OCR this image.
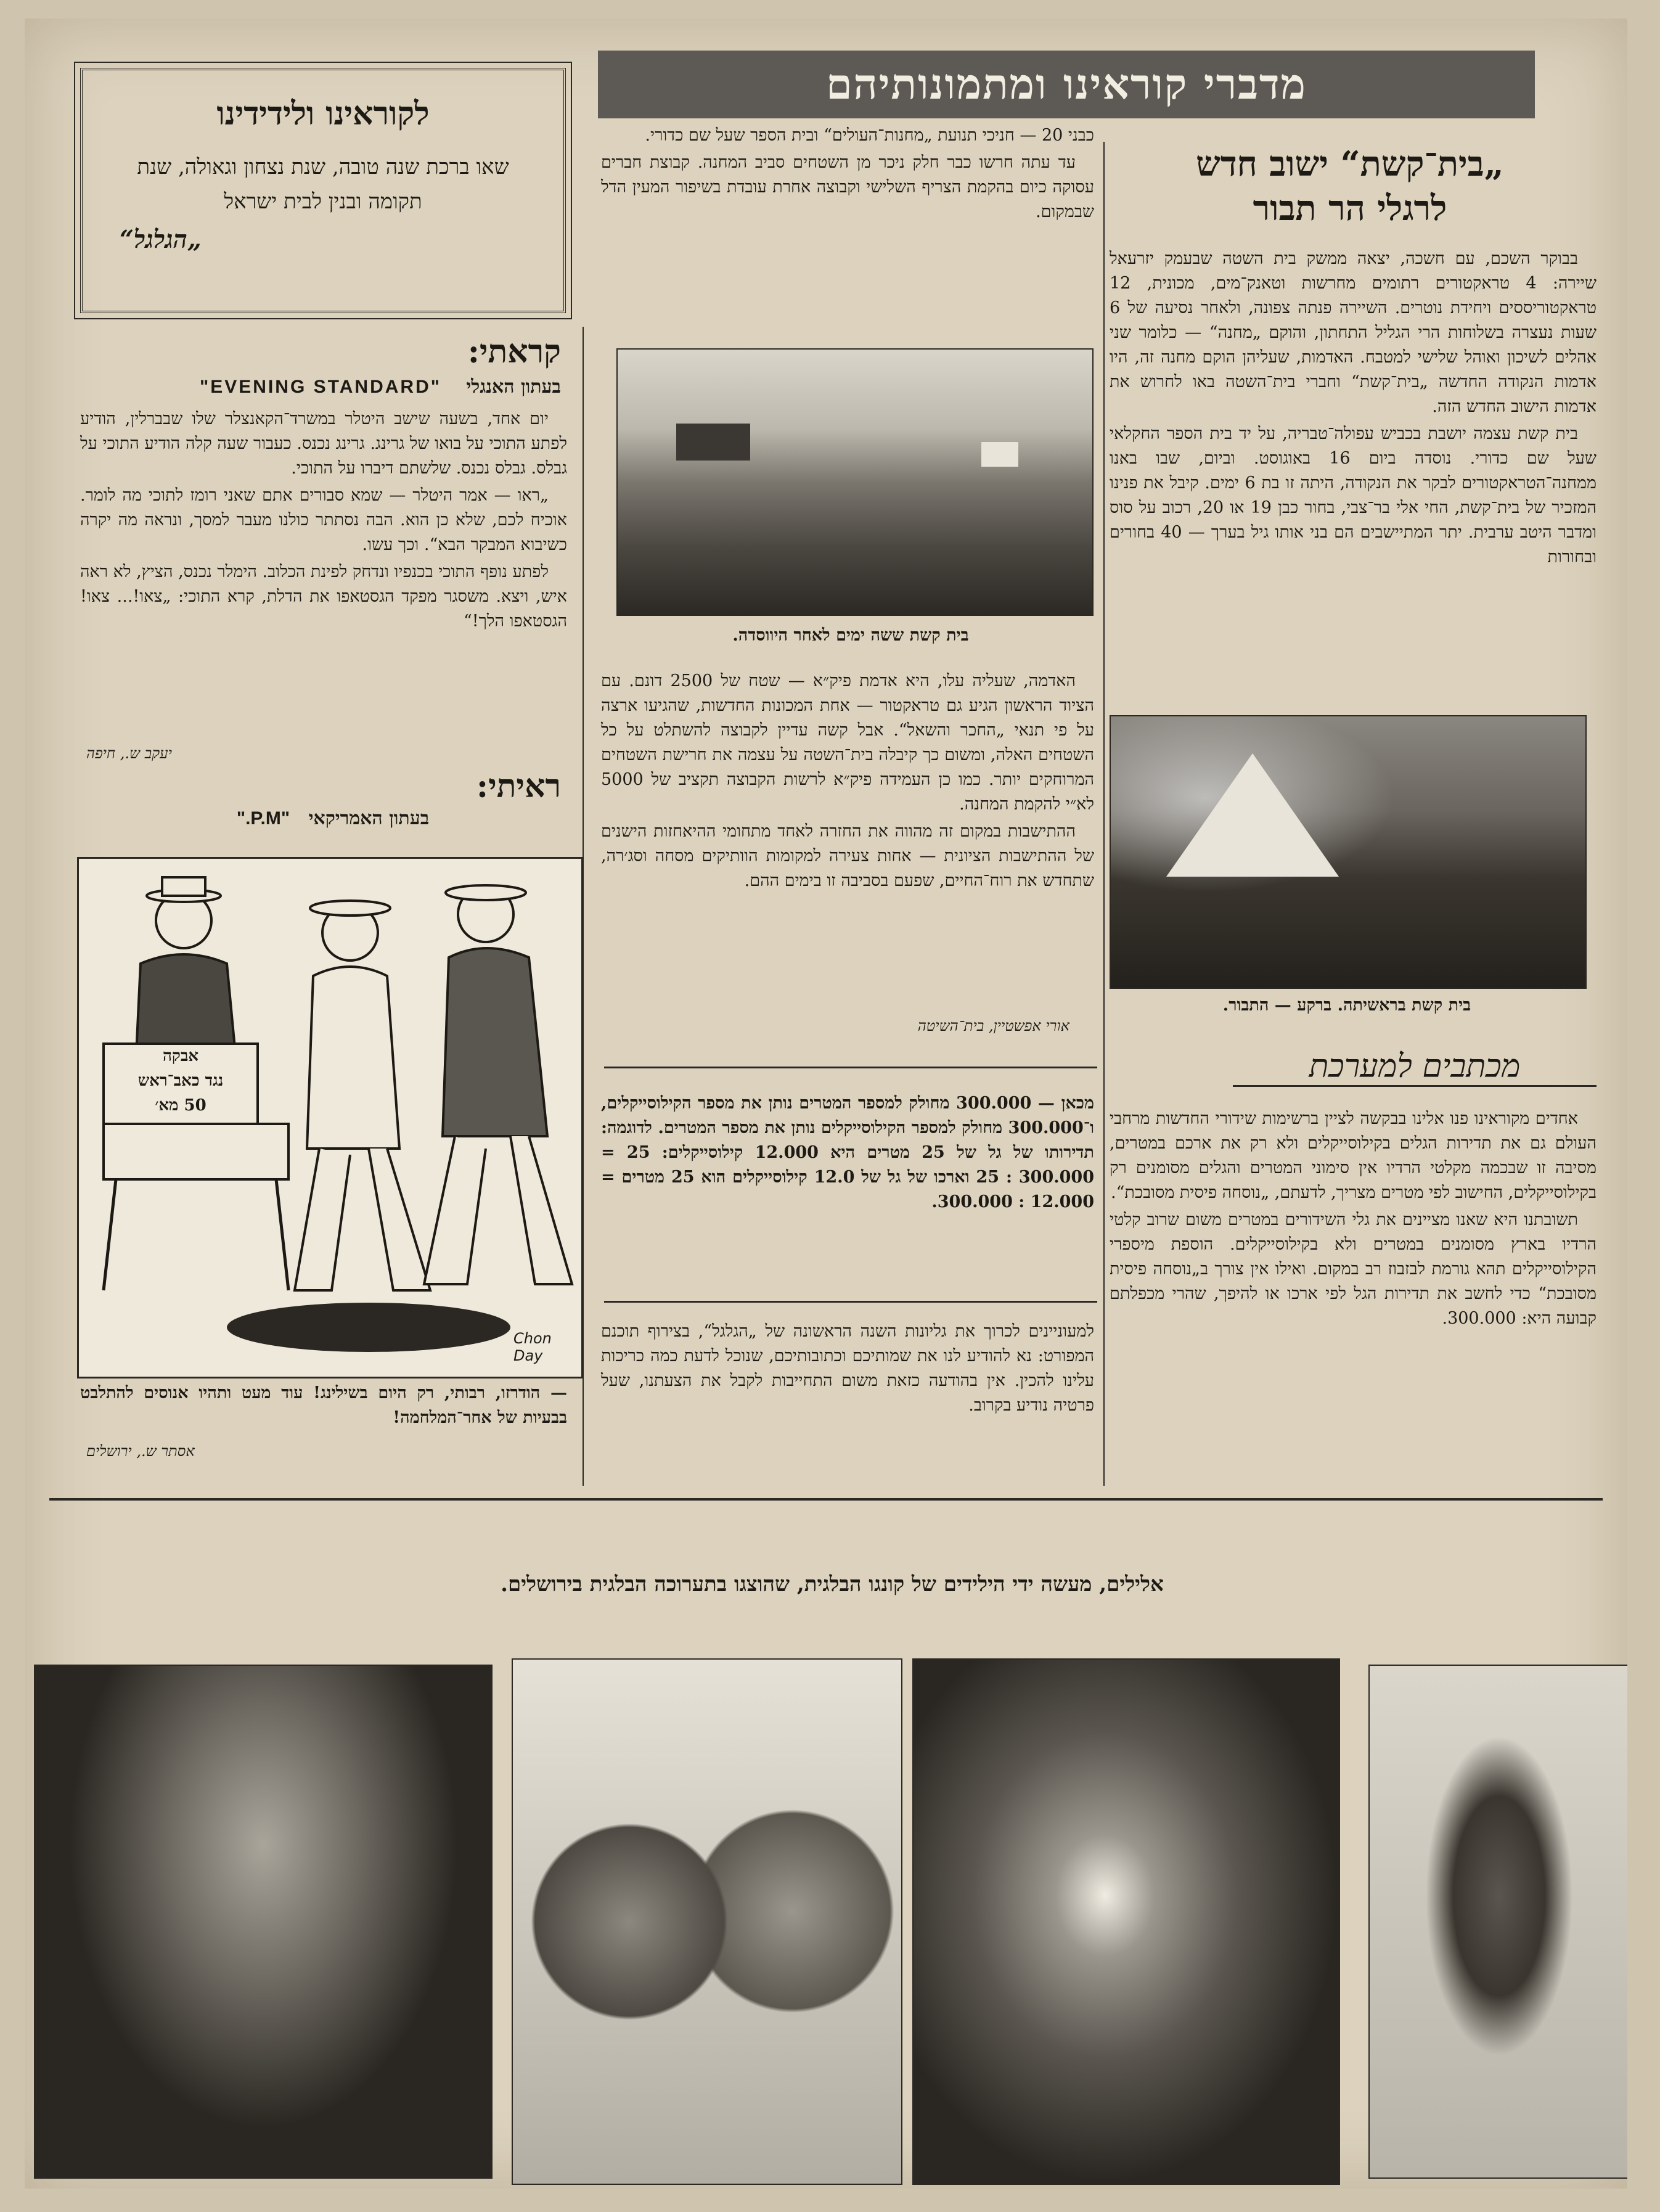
מדברי קוראינו ומתמונותיהם
לקוראינו ולידידינו
שאו ברכת שנה טובה, שנת נצחון וגאולה, שנת תקומה ובנין לבית ישראל
„הגלגל“
„בית־קשת“ ישוב חדש
לרגלי הר תבור

בבוקר השכם, עם חשכה, יצאה ממשק בית השטה שבעמק יזרעאל שיירה: 4 טראקטורים רתומים מחרשות וטאנק־מים, מכונית, 12 טראקטוריססים ויחידת נוטרים. השיירה פנתה צפונה, ולאחר נסיעה של 6 שעות נעצרה בשלוחות הרי הגליל התחתון, והוקם „מחנה“ — כלומר שני אהלים לשיכון ואוהל שלישי למטבח. האדמות, שעליהן הוקם מחנה זה, היו אדמות הנקודה החדשה „בית־קשת“ וחברי בית־השטה באו לחרוש את אדמות הישוב החדש הזה.

בית קשת עצמה יושבת בכביש עפולה־טבריה, על יד בית הספר החקלאי שעל שם כדורי. נוסדה ביום 16 באוגוסט. וביום, שבו באנו ממחנה־הטראקטורים לבקר את הנקודה, היתה זו בת 6 ימים. קיבל את פנינו המזכיר של בית־קשת, החי אלי בר־צבי, בחור כבן 19 או 20, רכוב על סוס ומדבר היטב ערבית. יתר המתיישבים הם בני אותו גיל בערך — 40 בחורים ובחורות

בית קשת בראשיתה. ברקע — התבור.
מכתבים למערכת

אחדים מקוראינו פנו אלינו בבקשה לציין ברשימות שידורי החדשות מרחבי העולם גם את תדירות הגלים בקילוסייקלים ולא רק את ארכם במטרים, מסיבה זו שבכמה מקלטי הרדיו אין סימוני המטרים והגלים מסומנים רק בקילוסייקלים, החישוב לפי מטרים מצריך, לדעתם, „נוסחה פיסית מסובכת“.

תשובתנו היא שאנו מציינים את גלי השידורים במטרים משום שרוב קלטי הרדיו בארץ מסומנים במטרים ולא בקילוסייקלים. הוספת מיספרי הקילוסייקלים תהא גורמת לבזבוז רב במקום. ואילו אין צורך ב„נוסחה פיסית מסובכת“ כדי לחשב את תדירות הגל לפי ארכו או להיפך, שהרי מכפלתם קבועה היא: 300.000.

כבני 20 — חניכי תנועת „מחנות־העולים“ ובית הספר שעל שם כדורי.

עד עתה חרשו כבר חלק ניכר מן השטחים סביב המחנה. קבוצת חברים עסוקה כיום בהקמת הצריף השלישי וקבוצה אחרת עובדת בשיפור המעין הדל שבמקום.

בית קשת ששה ימים לאחר היווסדה.

האדמה, שעליה עלו, היא אדמת פיק״א — שטח של 2500 דונם. עם הציוד הראשון הגיע גם טראקטור — אחת המכונות החדשות, שהגיעו ארצה על פי תנאי „החכר והשאל“. אבל קשה עדיין לקבוצה להשתלט על כל השטחים האלה, ומשום כך קיבלה בית־השטה על עצמה את חרישת השטחים המרוחקים יותר. כמו כן העמידה פיק״א לרשות הקבוצה תקציב של 5000 לא״י להקמת המחנה.

ההתישבות במקום זה מהווה את החזרה לאחד מתחומי ההיאחזות הישנים של ההתישבות הציונית — אחות צעירה למקומות הוותיקים מסחה וסג׳רה, שתחדש את רוח־החיים, שפעם בסביבה זו בימים ההם.

אורי אפשטיין, בית־השיטה

מכאן — 300.000 מחולק למספר המטרים נותן את מספר הקילוסייקלים, ו־300.000 מחולק למספר הקילוסייקלים נותן את מספר המטרים. לדוגמה: תדירותו של גל של 25 מטרים היא 12.000 קילוסייקלים: 25 = 300.000 : 25 וארכו של גל של 12.0 קילוסייקלים הוא 25 מטרים = 12.000 : 300.000.

למעוניינים לכרוך את גליונות השנה הראשונה של „הגלגל“, בצירוף תוכנם המפורט: נא להודיע לנו את שמותיכם וכתובותיכם, שנוכל לדעת כמה כריכות עלינו להכין. אין בהודעה כזאת משום התחייבות לקבל את הצעתנו, שעל פרטיה נודיע בקרוב.

קראתי:
בעתון האנגלי "EVENING STANDARD"

יום אחד, בשעה שישב היטלר במשרד־הקאנצלר שלו שבברלין, הודיע לפתע התוכי על בואו של גרינג. גרינג נכנס. כעבור שעה קלה הודיע התוכי על גבלס. גבלס נכנס. שלשתם דיברו על התוכי.

„ראו — אמר היטלר — שמא סבורים אתם שאני רומז לתוכי מה לומר. אוכיח לכם, שלא כן הוא. הבה נסתתר כולנו מעבר למסך, ונראה מה יקרה כשיבוא המבקר הבא“. וכך עשו.

לפתע נופף התוכי בכנפיו ונדחק לפינת הכלוב. הימלר נכנס, הציץ, לא ראה איש, ויצא. משסגר מפקד הגסטאפו את הדלת, קרא התוכי: „צאו!... צאו! הגסטאפו הלך!“

יעקב ש., חיפה
ראיתי:
בעתון האמריקאי "P.M."
אבקה
נגד כאב־ראש
50 מא׳
Chon Day

— הודרזו, רבותי, רק היום בשילינג! עוד מעט ותהיו אנוסים להתלבט בבעיות של אחר־המלחמה!

אסתר ש., ירושלים
אלילים, מעשה ידי הילידים של קונגו הבלגית, שהוצגו בתערוכה הבלגית בירושלים.
